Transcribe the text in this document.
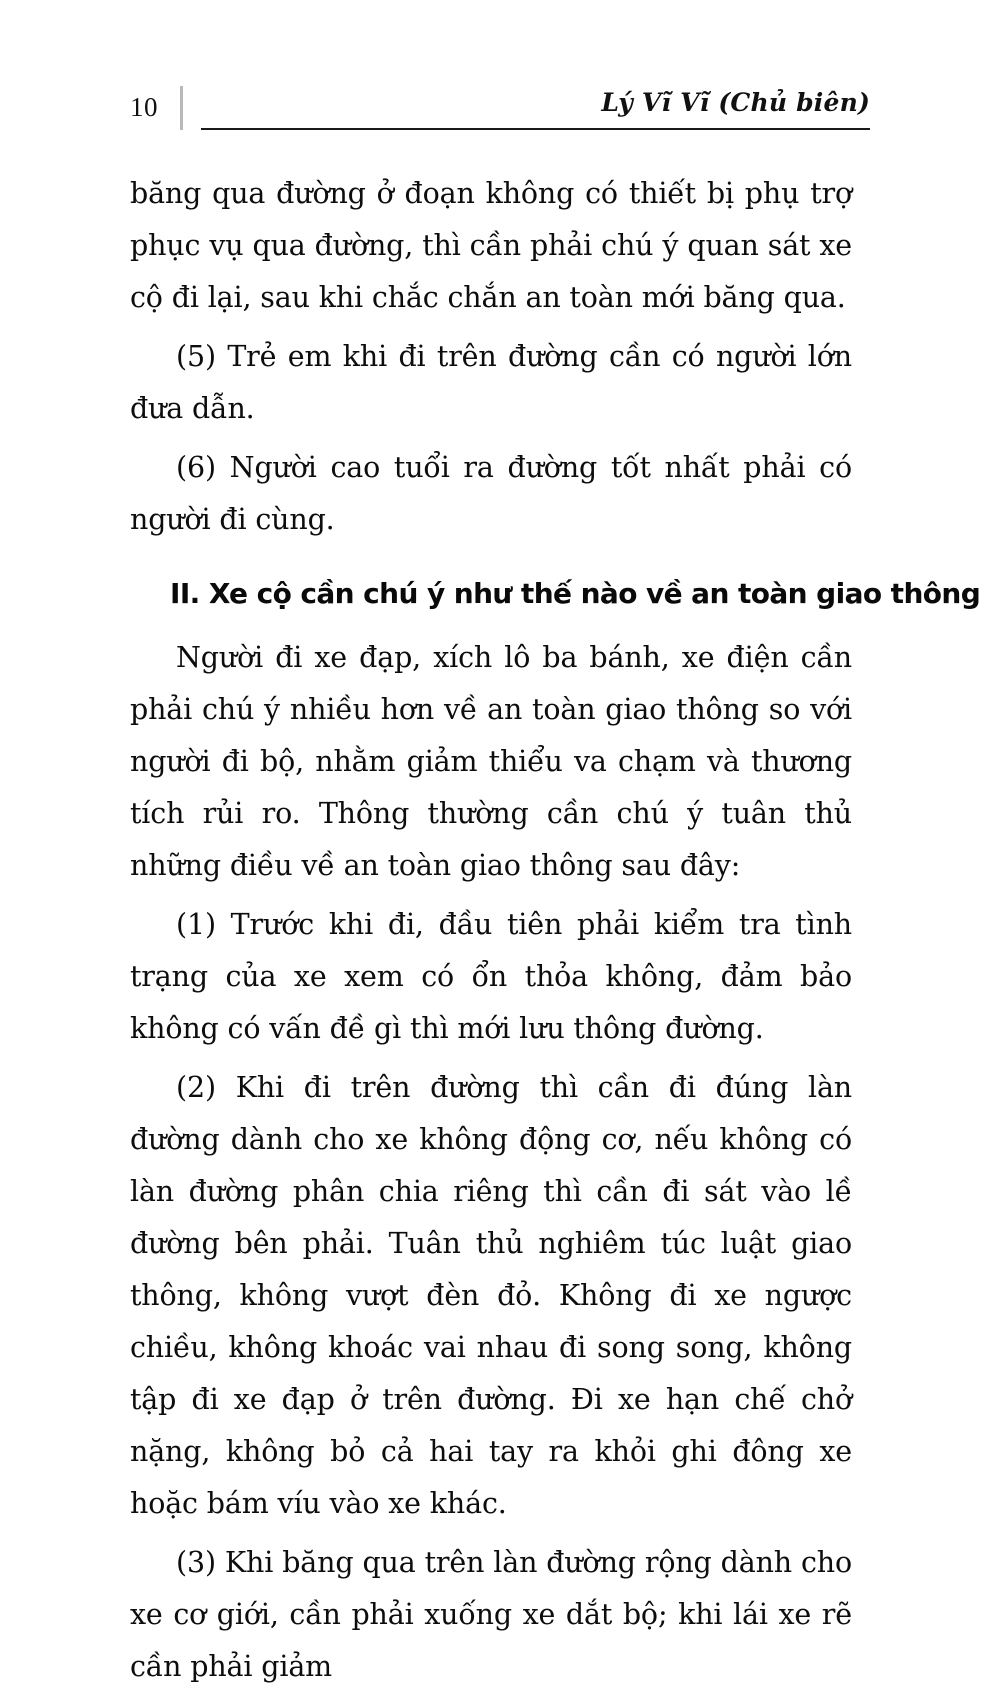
10	Lý Vĩ Vĩ (Chủ biên)

băng qua đường ở đoạn không có thiết bị phụ trợ phục vụ qua đường, thì cần phải chú ý quan sát xe cộ đi lại, sau khi chắc chắn an toàn mới băng qua.

(5) Trẻ em khi đi trên đường cần có người lớn đưa dẫn.

(6) Người cao tuổi ra đường tốt nhất phải có người đi cùng.

II. Xe cộ cần chú ý như thế nào về an toàn giao thông

Người đi xe đạp, xích lô ba bánh, xe điện cần phải chú ý nhiều hơn về an toàn giao thông so với người đi bộ, nhằm giảm thiểu va chạm và thương tích rủi ro. Thông thường cần chú ý tuân thủ những điều về an toàn giao thông sau đây:

(1) Trước khi đi, đầu tiên phải kiểm tra tình trạng của xe xem có ổn thỏa không, đảm bảo không có vấn đề gì thì mới lưu thông đường.

(2) Khi đi trên đường thì cần đi đúng làn đường dành cho xe không động cơ, nếu không có làn đường phân chia riêng thì cần đi sát vào lề đường bên phải. Tuân thủ nghiêm túc luật giao thông, không vượt đèn đỏ. Không đi xe ngược chiều, không khoác vai nhau đi song song, không tập đi xe đạp ở trên đường. Đi xe hạn chế chở nặng, không bỏ cả hai tay ra khỏi ghi đông xe hoặc bám víu vào xe khác.

(3) Khi băng qua trên làn đường rộng dành cho xe cơ giới, cần phải xuống xe dắt bộ; khi lái xe rẽ cần phải giảm
